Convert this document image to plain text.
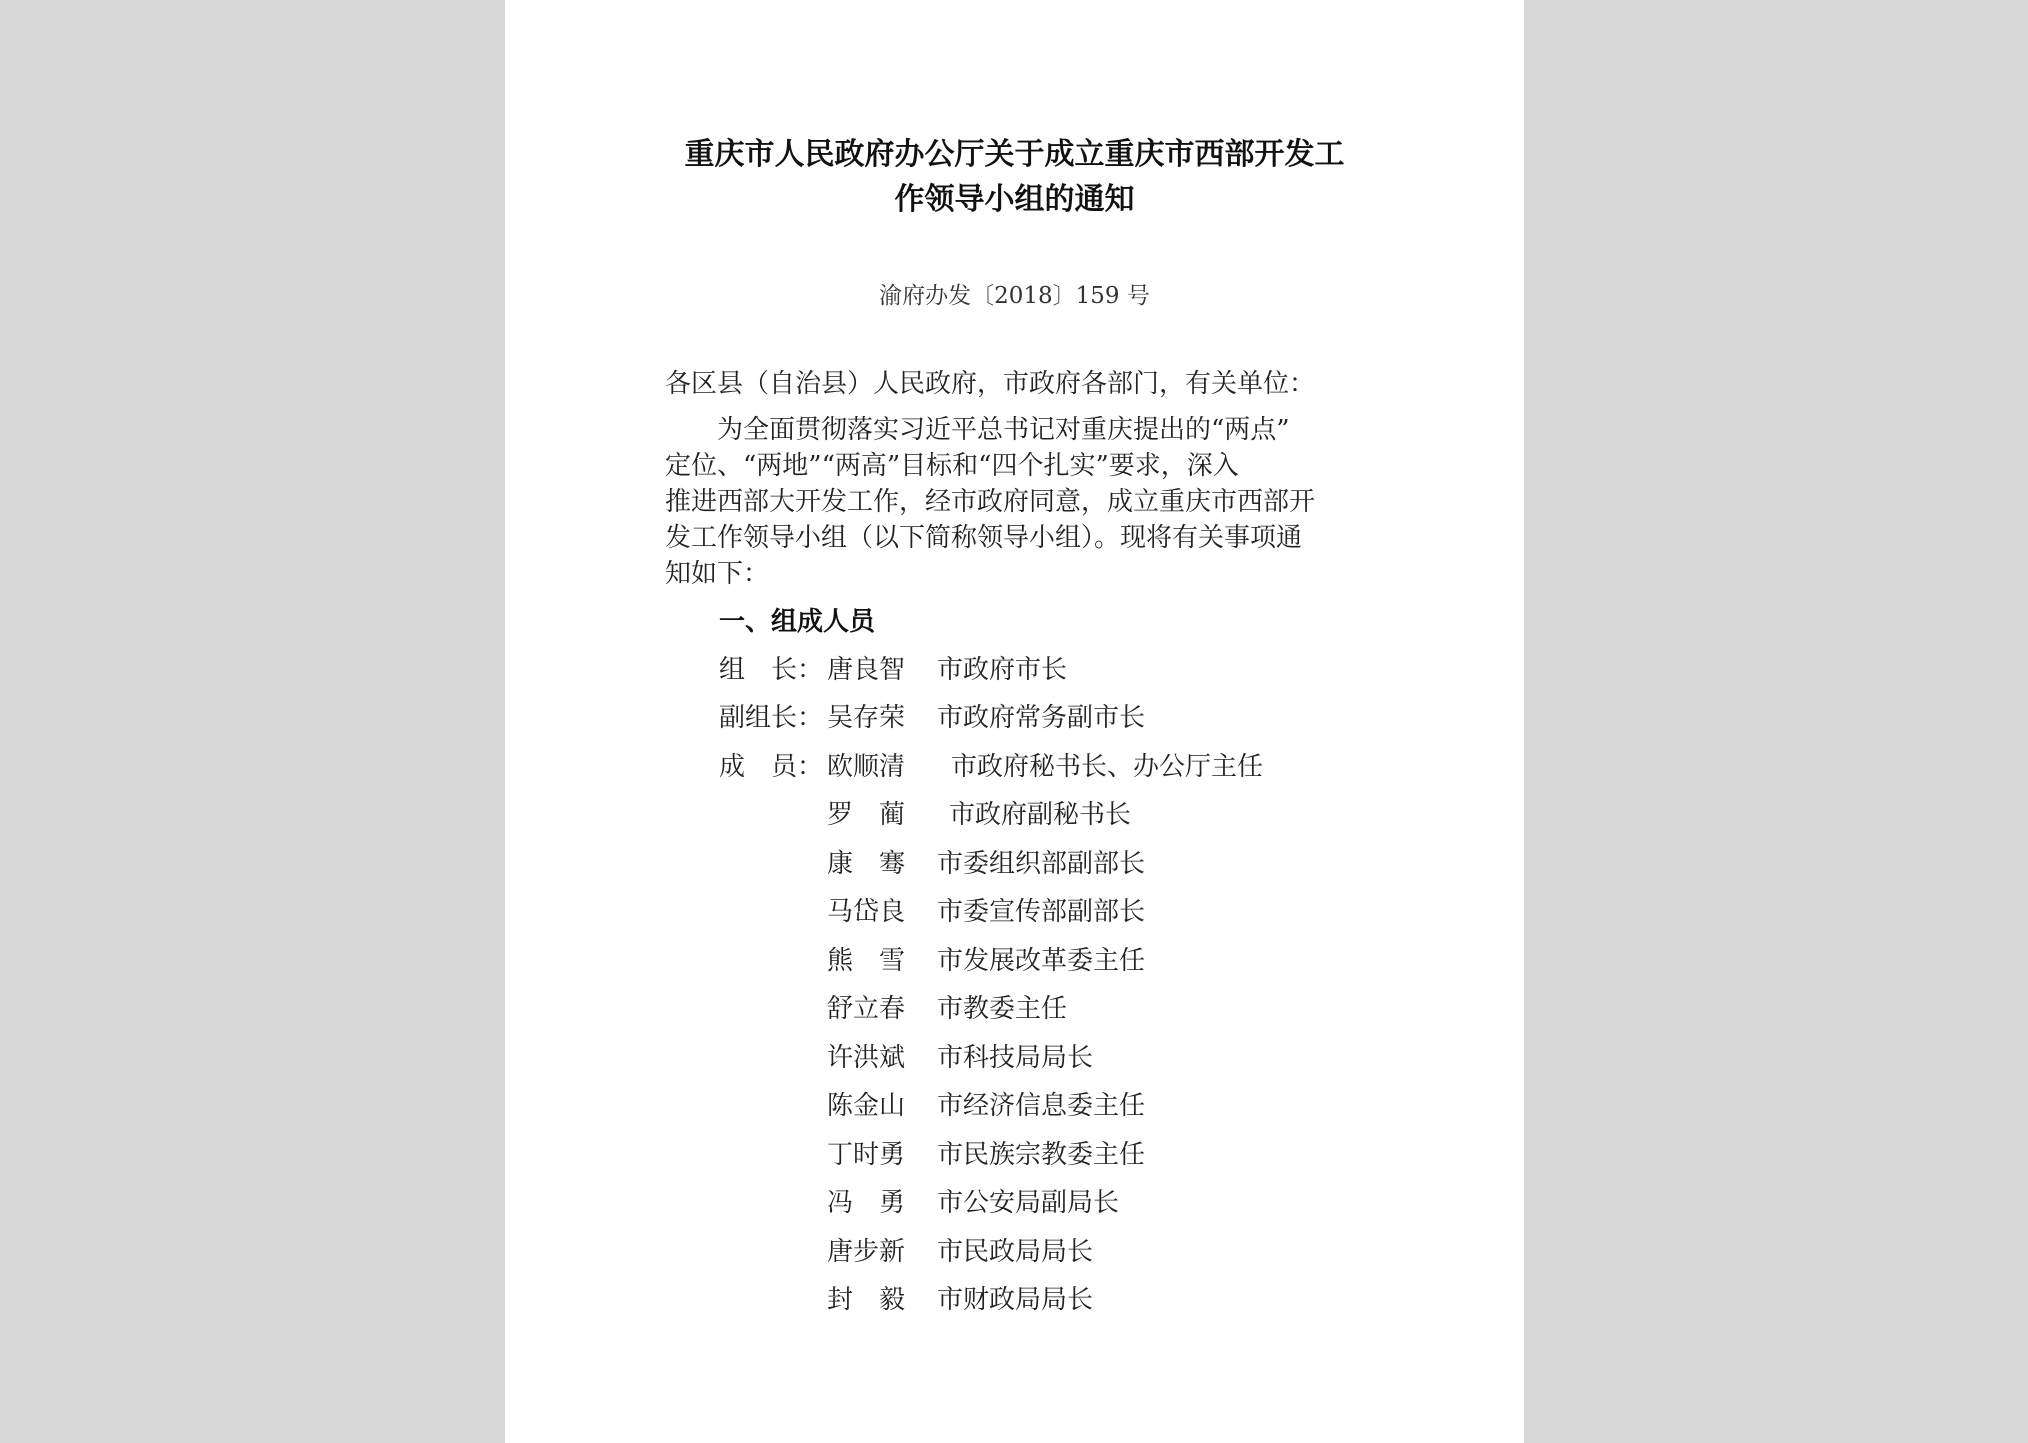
重庆市人民政府办公厅关于成立重庆市西部开发工
作领导小组的通知
渝府办发〔2018〕159 号
各区县（自治县）人民政府，市政府各部门，有关单位：
为全面贯彻落实习近平总书记对重庆提出的“两点”
定位、“两地”“两高”目标和“四个扎实”要求，深入
推进西部大开发工作，经市政府同意，成立重庆市西部开
发工作领导小组（以下简称领导小组）。现将有关事项通
知如下：
一、组成人员
组　长： 唐良智 市政府市长
副组长： 吴存荣 市政府常务副市长
成　员： 欧顺清 市政府秘书长、办公厅主任
罗　蔺 市政府副秘书长
康　骞 市委组织部副部长
马岱良 市委宣传部副部长
熊　雪 市发展改革委主任
舒立春 市教委主任
许洪斌 市科技局局长
陈金山 市经济信息委主任
丁时勇 市民族宗教委主任
冯　勇 市公安局副局长
唐步新 市民政局局长
封　毅 市财政局局长
